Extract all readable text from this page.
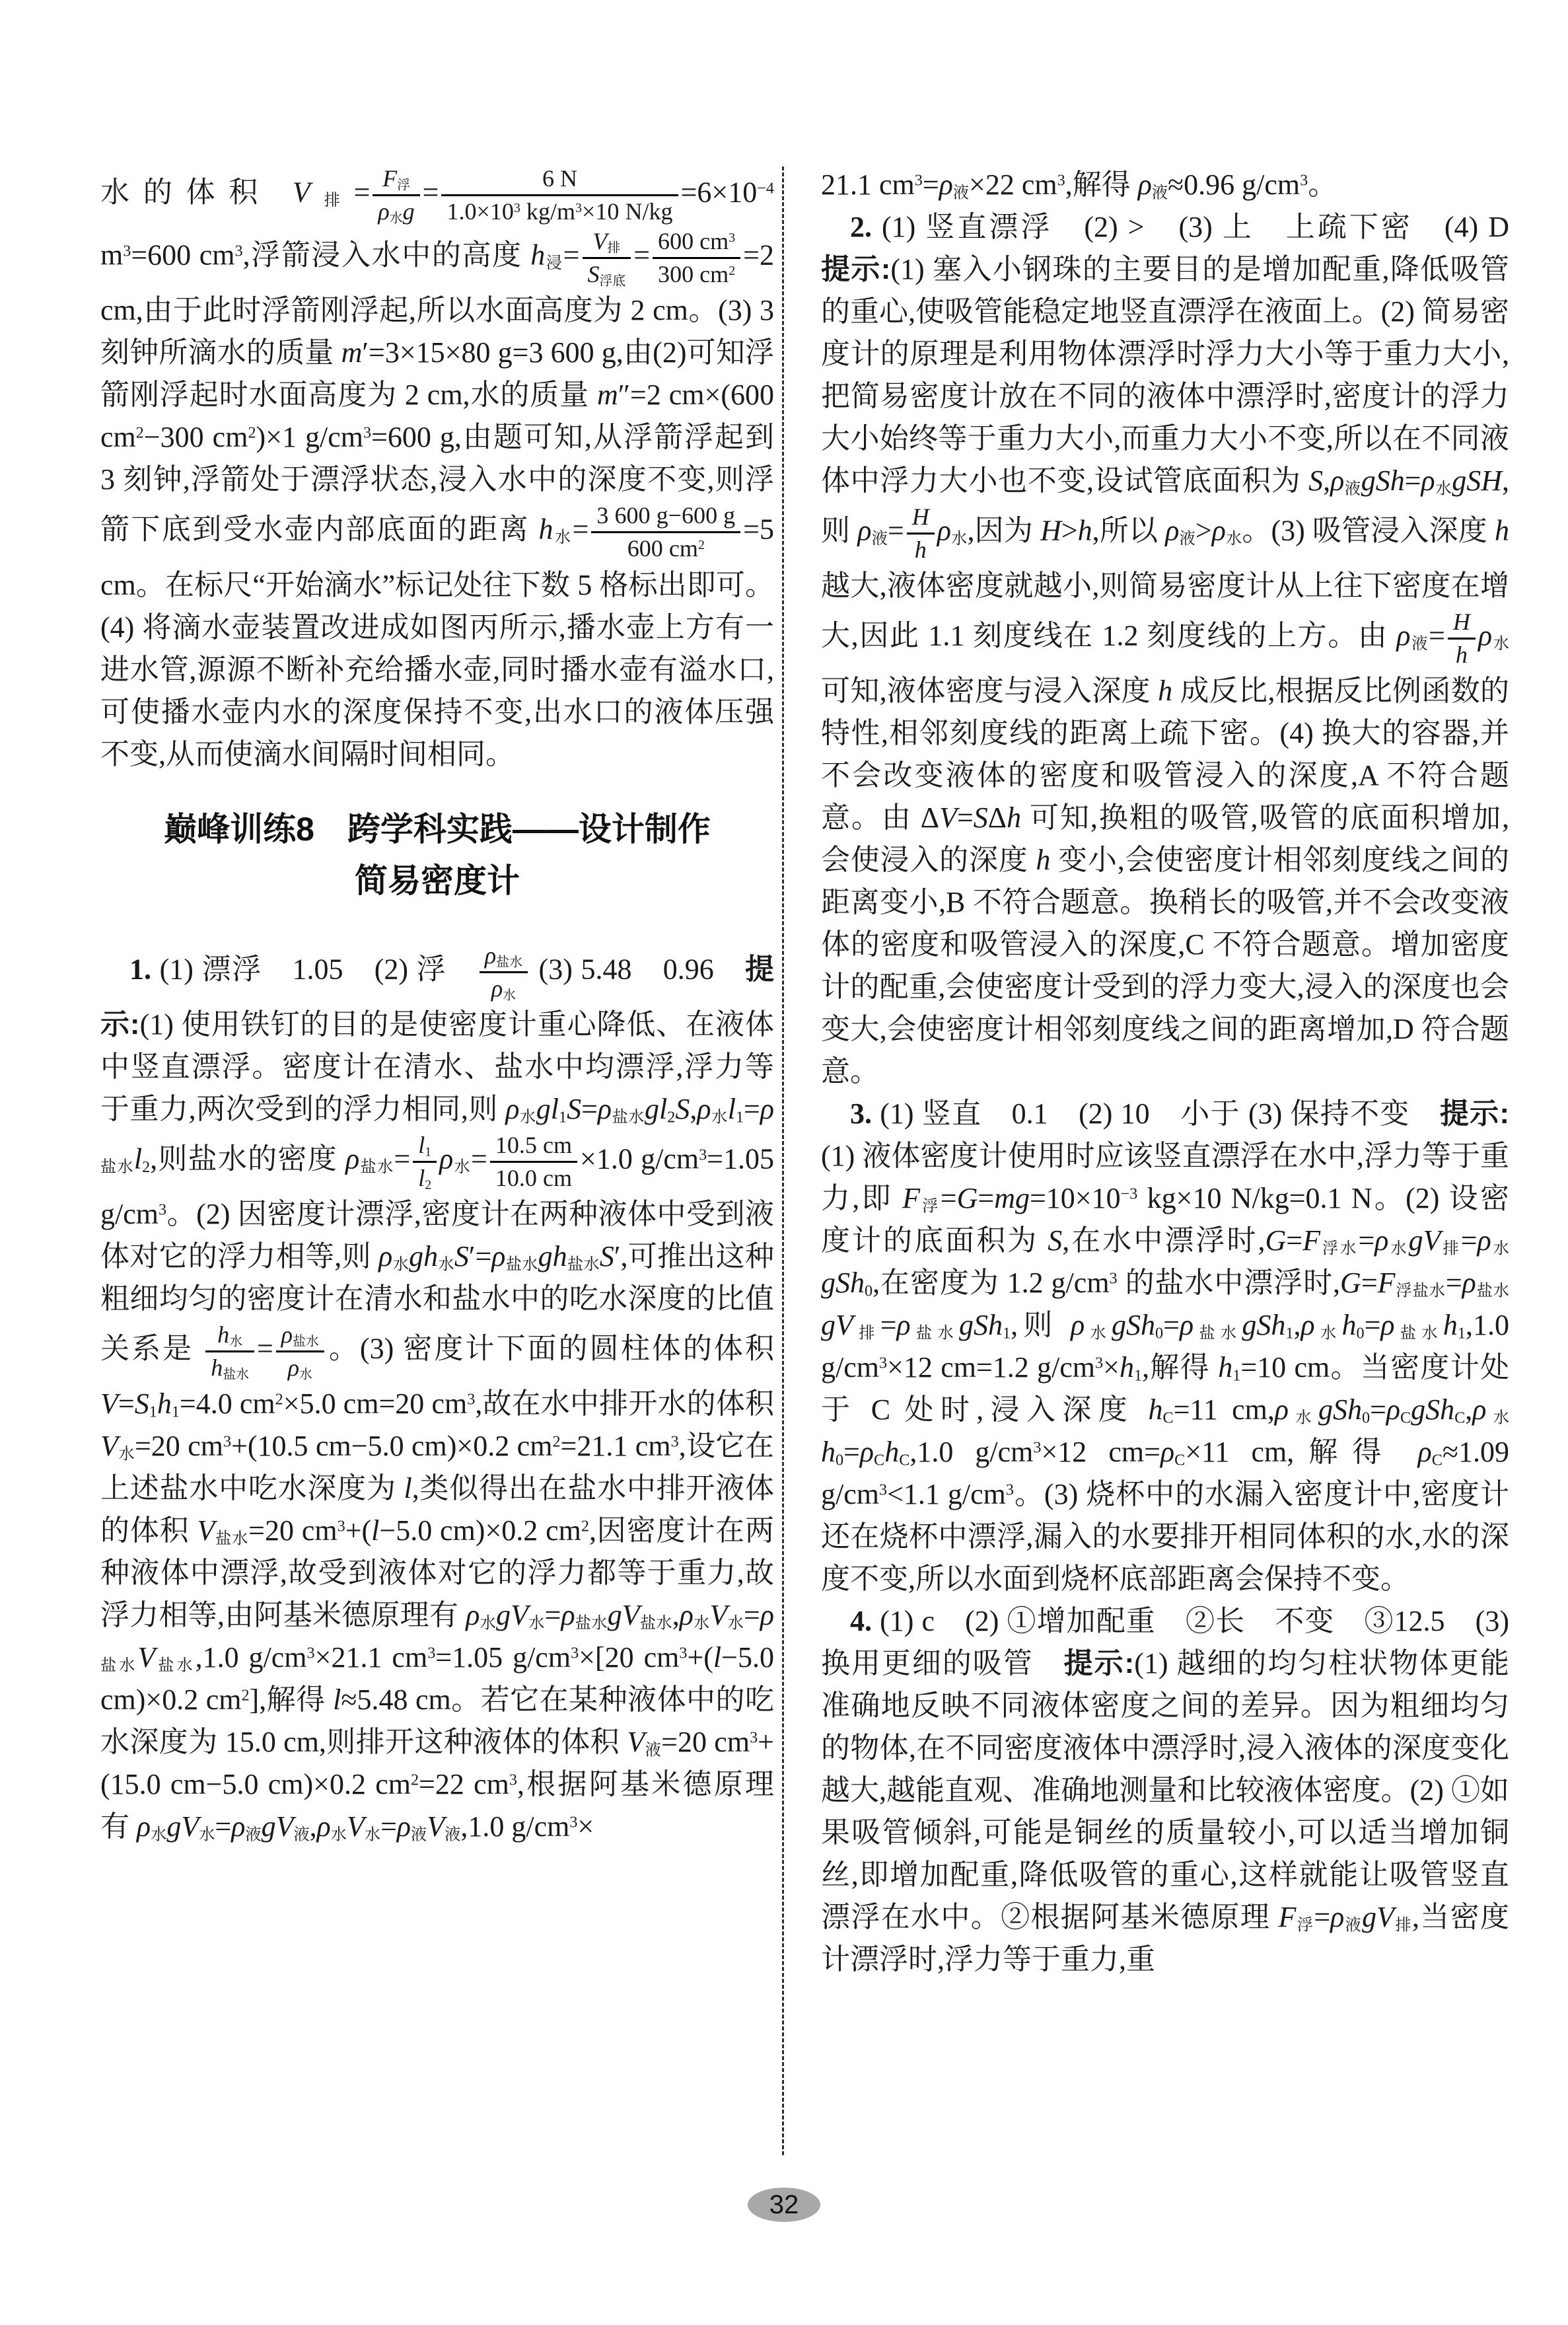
水的体积 $V_排= F_浮$
$\rho_水g$
= $\frac{6 N}{1.0\times 10^3 kg/m^3\times 10 N/kg} =6\times 10^{-4}$ $m^3=600$ $cm^3$,浮箭浸入水中的高度 $h_浸= V_排$
$S_{浮底}$
= $\frac{600 cm^3}{300 cm^2} =2$ cm,由于此时浮箭刚浮起,所以水面高度为 2 cm。(3) 3 刻钟所滴水的质量 m′=3×15×80 g=3 600 g,由(2)可知浮箭刚浮起时水面高度为 2 cm,水的质量 m″=2 cm×(600 $cm^2-300$ $cm^2)\times 1$ $g/cm^3=600$ g,由题可知,从浮箭浮起到 3 刻钟,浮箭处于漂浮状态,浸入水中的深度不变,则浮箭下底到受水壶内部底面的距离 $h_水= \frac{3 600 g-600 g}{600 cm^2} =5$ cm。在标尺“开始滴水”标记处往下数 5 格标出即可。(4) 将滴水壶装置改进成如图丙所示,播水壶上方有一进水管,源源不断补充给播水壶,同时播水壶有溢水口,可使播水壶内水的深度保持不变,出水口的液体压强不变,从而使滴水间隔时间相同。

巅峰训练8　跨学科实践——设计制作
简易密度计

1. (1) 漂浮　1.05　(2) 浮　 $\rho_{盐水}$
$\rho_水$
(3) 5.48　0.96　提示:(1) 使用铁钉的目的是使密度计重心降低、在液体中竖直漂浮。密度计在清水、盐水中均漂浮,浮力等于重力,两次受到的浮力相同,则 $\rho_水gl_1S=\rho_{盐水}gl_2S,\rho_水l_1=\rho_{盐水}l_2$,则盐水的密度 $\rho_{盐水}= \frac{l_1}{l_2} \rho_水= \frac{10.5 cm}{10.0 cm} \times 1.0$ $g/cm^3=1.05$ $g/cm^3$。(2) 因密度计漂浮,密度计在两种液体中受到液体对它的浮力相等,则 $\rho_水gh_水S'=\rho_{盐水}gh_{盐水}S'$,可推出这种粗细均匀的密度计在清水和盐水中的吃水深度的比值关系是 $h_水$
$h_{盐水}$
= $\rho_{盐水}$
$\rho_水$
。(3) 密度计下面的圆柱体的体积 $V=S_1h_1=4.0$ $cm^2\times 5.0$ cm=20 $cm^3$,故在水中排开水的体积 $V_水=20$ $cm^3+(10.5$ cm−5.0 cm)×0.2 $cm^2=21.1$ $cm^3$,设它在上述盐水中吃水深度为 l,类似得出在盐水中排开液体的体积 $V_{盐水}=20$ $cm^3+(l-5.0$ cm)×0.2 $cm^2$,因密度计在两种液体中漂浮,故受到液体对它的浮力都等于重力,故浮力相等,由阿基米德原理有 $\rho_水gV_水=\rho_{盐水}gV_{盐水},\rho_水V_水=\rho_{盐水}V_{盐水},1.0$ $g/cm^3\times 21.1$ $cm^3=1.05$ $g/cm^3\times[20$ $cm^3+(l-5.0$ cm)×0.2 $cm^2$],解得 l≈5.48 cm。若它在某种液体中的吃水深度为 15.0 cm,则排开这种液体的体积 $V_液=20$ $cm^3+(15.0$ cm−5.0 cm)×0.2 $cm^2=22$ $cm^3$,根据阿基米德原理有 $\rho_水gV_水=\rho_液gV_液,\rho_水V_水=\rho_液V_液,1.0$ $g/cm^3\times$

21.1 $cm^3=\rho_液\times 22$ $cm^3$,解得 $\rho_液\approx 0.96$ $g/cm^3$。

2. (1) 竖直漂浮　(2) >　(3) 上　上疏下密　(4) D　提示:(1) 塞入小钢珠的主要目的是增加配重,降低吸管的重心,使吸管能稳定地竖直漂浮在液面上。(2) 简易密度计的原理是利用物体漂浮时浮力大小等于重力大小,把简易密度计放在不同的液体中漂浮时,密度计的浮力大小始终等于重力大小,而重力大小不变,所以在不同液体中浮力大小也不变,设试管底面积为 $S,\rho_液gSh=\rho_水gSH$,则 $\rho_液= \frac{H}{h} \rho_水$,因为 H>h,所以 $\rho_液>\rho_水$。(3) 吸管浸入深度 h 越大,液体密度就越小,则简易密度计从上往下密度在增大,因此 1.1 刻度线在 1.2 刻度线的上方。由 $\rho_液= \frac{H}{h} \rho_水$ 可知,液体密度与浸入深度 h 成反比,根据反比例函数的特性,相邻刻度线的距离上疏下密。(4) 换大的容器,并不会改变液体的密度和吸管浸入的深度,A 不符合题意。由 ΔV=SΔh 可知,换粗的吸管,吸管的底面积增加,会使浸入的深度 h 变小,会使密度计相邻刻度线之间的距离变小,B 不符合题意。换稍长的吸管,并不会改变液体的密度和吸管浸入的深度,C 不符合题意。增加密度计的配重,会使密度计受到的浮力变大,浸入的深度也会变大,会使密度计相邻刻度线之间的距离增加,D 符合题意。

3. (1) 竖直　0.1　(2) 10　小于 (3) 保持不变　提示:(1) 液体密度计使用时应该竖直漂浮在水中,浮力等于重力,即 $F_浮=G=mg=10\times 10^{-3}$ kg×10 N/kg=0.1 N。(2) 设密度计的底面积为 S,在水中漂浮时$,G=F_{浮水}=\rho_水gV_排=\rho_水gSh_0$,在密度为 1.2 $g/cm^3$ 的盐水中漂浮时$,G=F_{浮盐水}=\rho_{盐水}gV_排=\rho_{盐水}gSh_1$,则 $\rho_水gSh_0=\rho_{盐水}gSh_1,\rho_水h_0=\rho_{盐水}h_1,1.0$ $g/cm^3\times 12$ cm=1.2 $g/cm^3\times h_1$,解得 $h_1=10$ cm。当密度计处于 C 处时,浸入深度 $h_C=11$ $cm,\rho_水gSh_0=\rho_CgSh_C,\rho_水h_0=\rho_Ch_C,1.0$ $g/cm^3\times 12$ $cm=\rho_C\times 11$ cm,解得 $\rho_C\approx 1.09$ $g/cm^3<1.1$ $g/cm^3$。(3) 烧杯中的水漏入密度计中,密度计还在烧杯中漂浮,漏入的水要排开相同体积的水,水的深度不变,所以水面到烧杯底部距离会保持不变。

4. (1) c　(2) ①增加配重　②长　不变　③12.5　(3) 换用更细的吸管　提示:(1) 越细的均匀柱状物体更能准确地反映不同液体密度之间的差异。因为粗细均匀的物体,在不同密度液体中漂浮时,浸入液体的深度变化越大,越能直观、准确地测量和比较液体密度。(2) ①如果吸管倾斜,可能是铜丝的质量较小,可以适当增加铜丝,即增加配重,降低吸管的重心,这样就能让吸管竖直漂浮在水中。②根据阿基米德原理 $F_浮=\rho_液gV_排$,当密度计漂浮时,浮力等于重力,重

32
